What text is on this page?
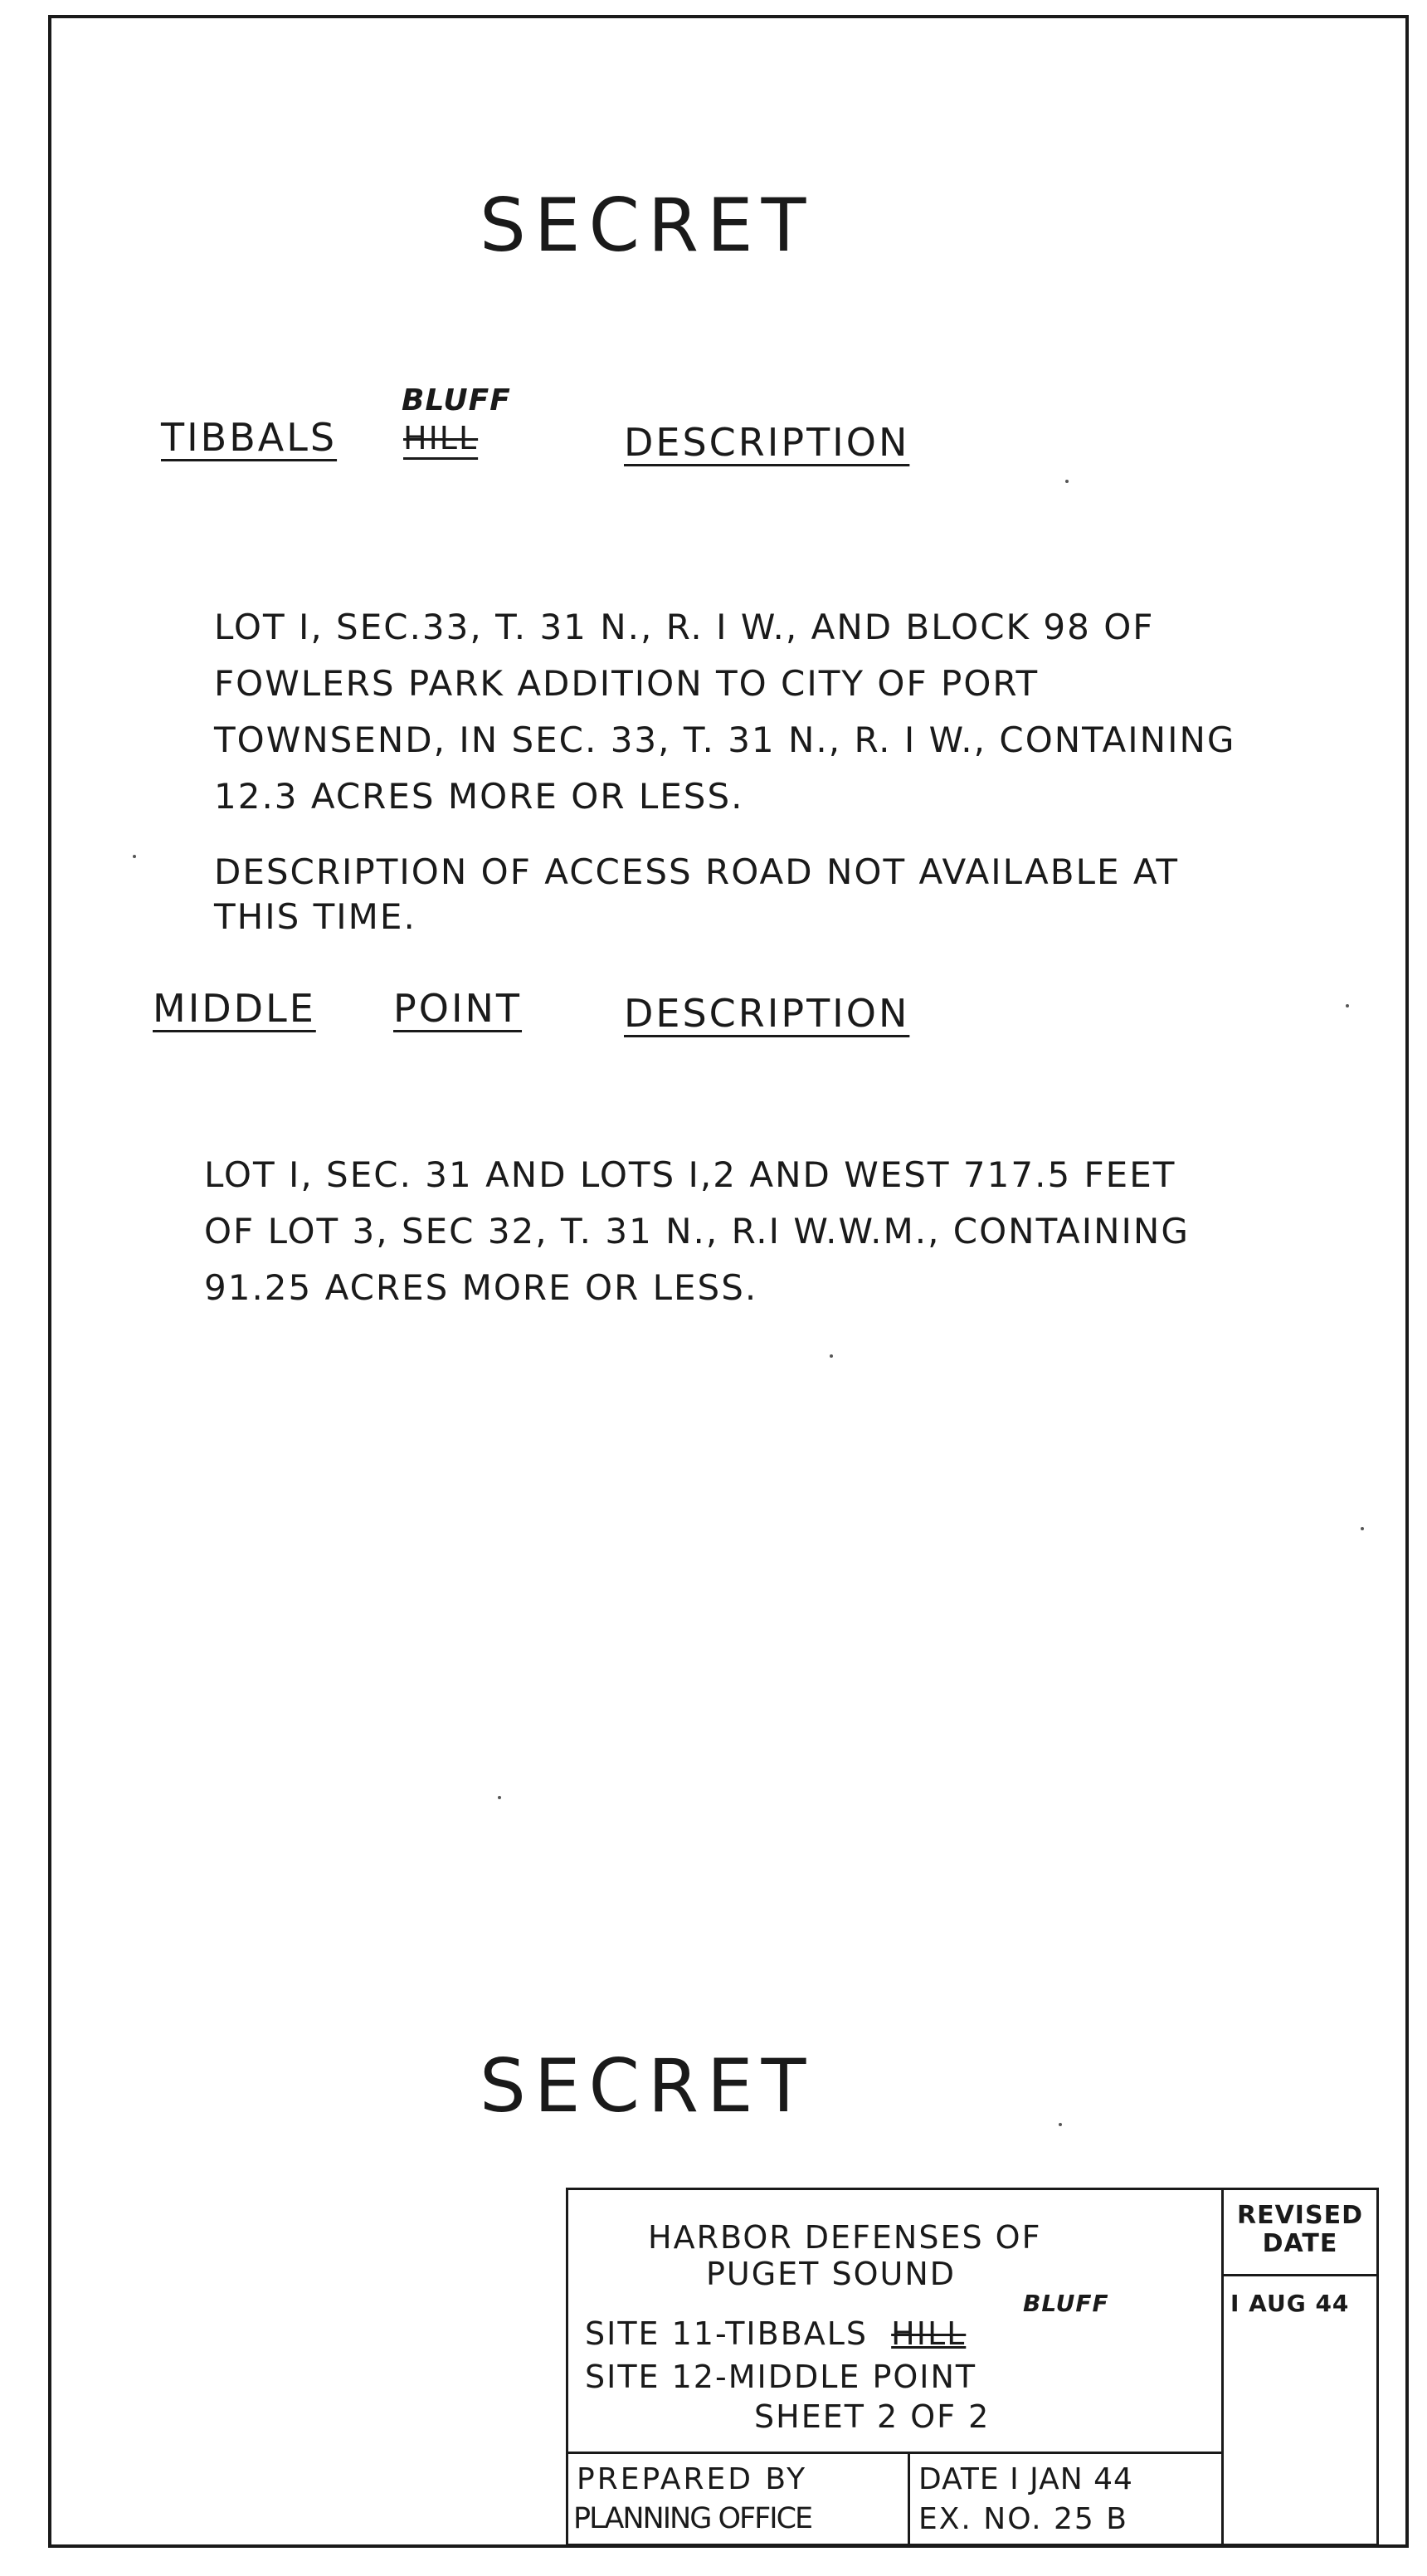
SECRET
TIBBALS
BLUFF
HILL	DESCRIPTION
LOT I, SEC.33, T. 31 N., R. I W., AND BLOCK 98 OF
FOWLERS PARK ADDITION TO CITY OF PORT
TOWNSEND, IN SEC. 33, T. 31 N., R. I W., CONTAINING
12.3 ACRES MORE OR LESS.
DESCRIPTION OF ACCESS ROAD NOT AVAILABLE AT
THIS TIME.
MIDDLE POINT	DESCRIPTION
LOT I, SEC. 31 AND LOTS I,2 AND WEST 717.5 FEET
OF LOT 3, SEC 32, T. 31 N., R.I W.W.M., CONTAINING
91.25 ACRES MORE OR LESS.
SECRET
HARBOR DEFENSES OF
PUGET SOUND
SITE 11-TIBBALS HILL
BLUFF
SITE 12-MIDDLE POINT
SHEET 2 OF 2
REVISED
DATE
I AUG 44
PREPARED BY
PLANNING OFFICE
DATE I JAN 44
EX. NO. 25 B
